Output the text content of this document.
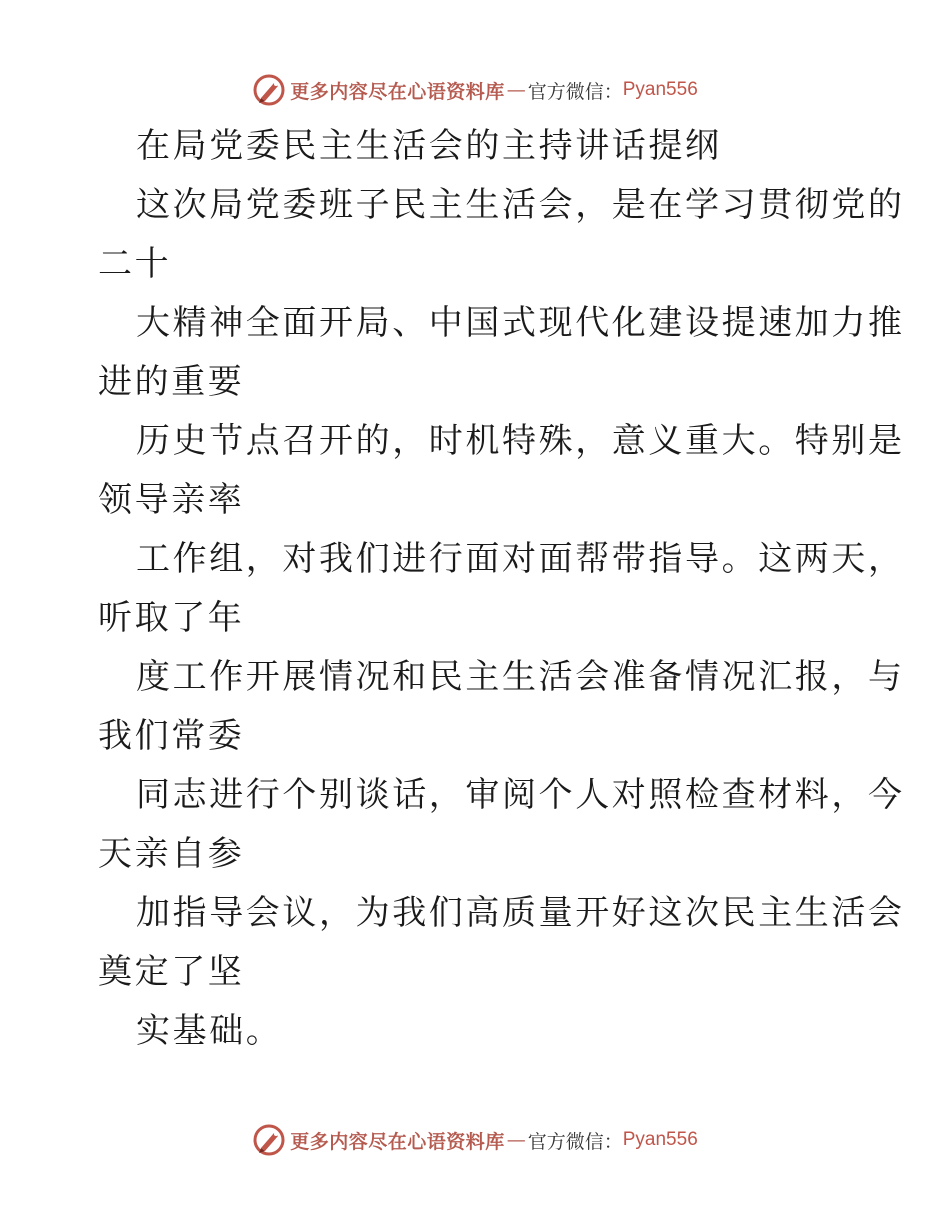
更多内容尽在心语资料库 — 官方微信： Pyan556
在局党委民主生活会的主持讲话提纲
这次局党委班子民主生活会，是在学习贯彻党的
二十
大精神全面开局、中国式现代化建设提速加力推
进的重要
历史节点召开的，时机特殊，意义重大。特别是
领导亲率
工作组，对我们进行面对面帮带指导。这两天，
听取了年
度工作开展情况和民主生活会准备情况汇报，与
我们常委
同志进行个别谈话，审阅个人对照检查材料，今
天亲自参
加指导会议，为我们高质量开好这次民主生活会
奠定了坚
实基础。
更多内容尽在心语资料库 — 官方微信： Pyan556
